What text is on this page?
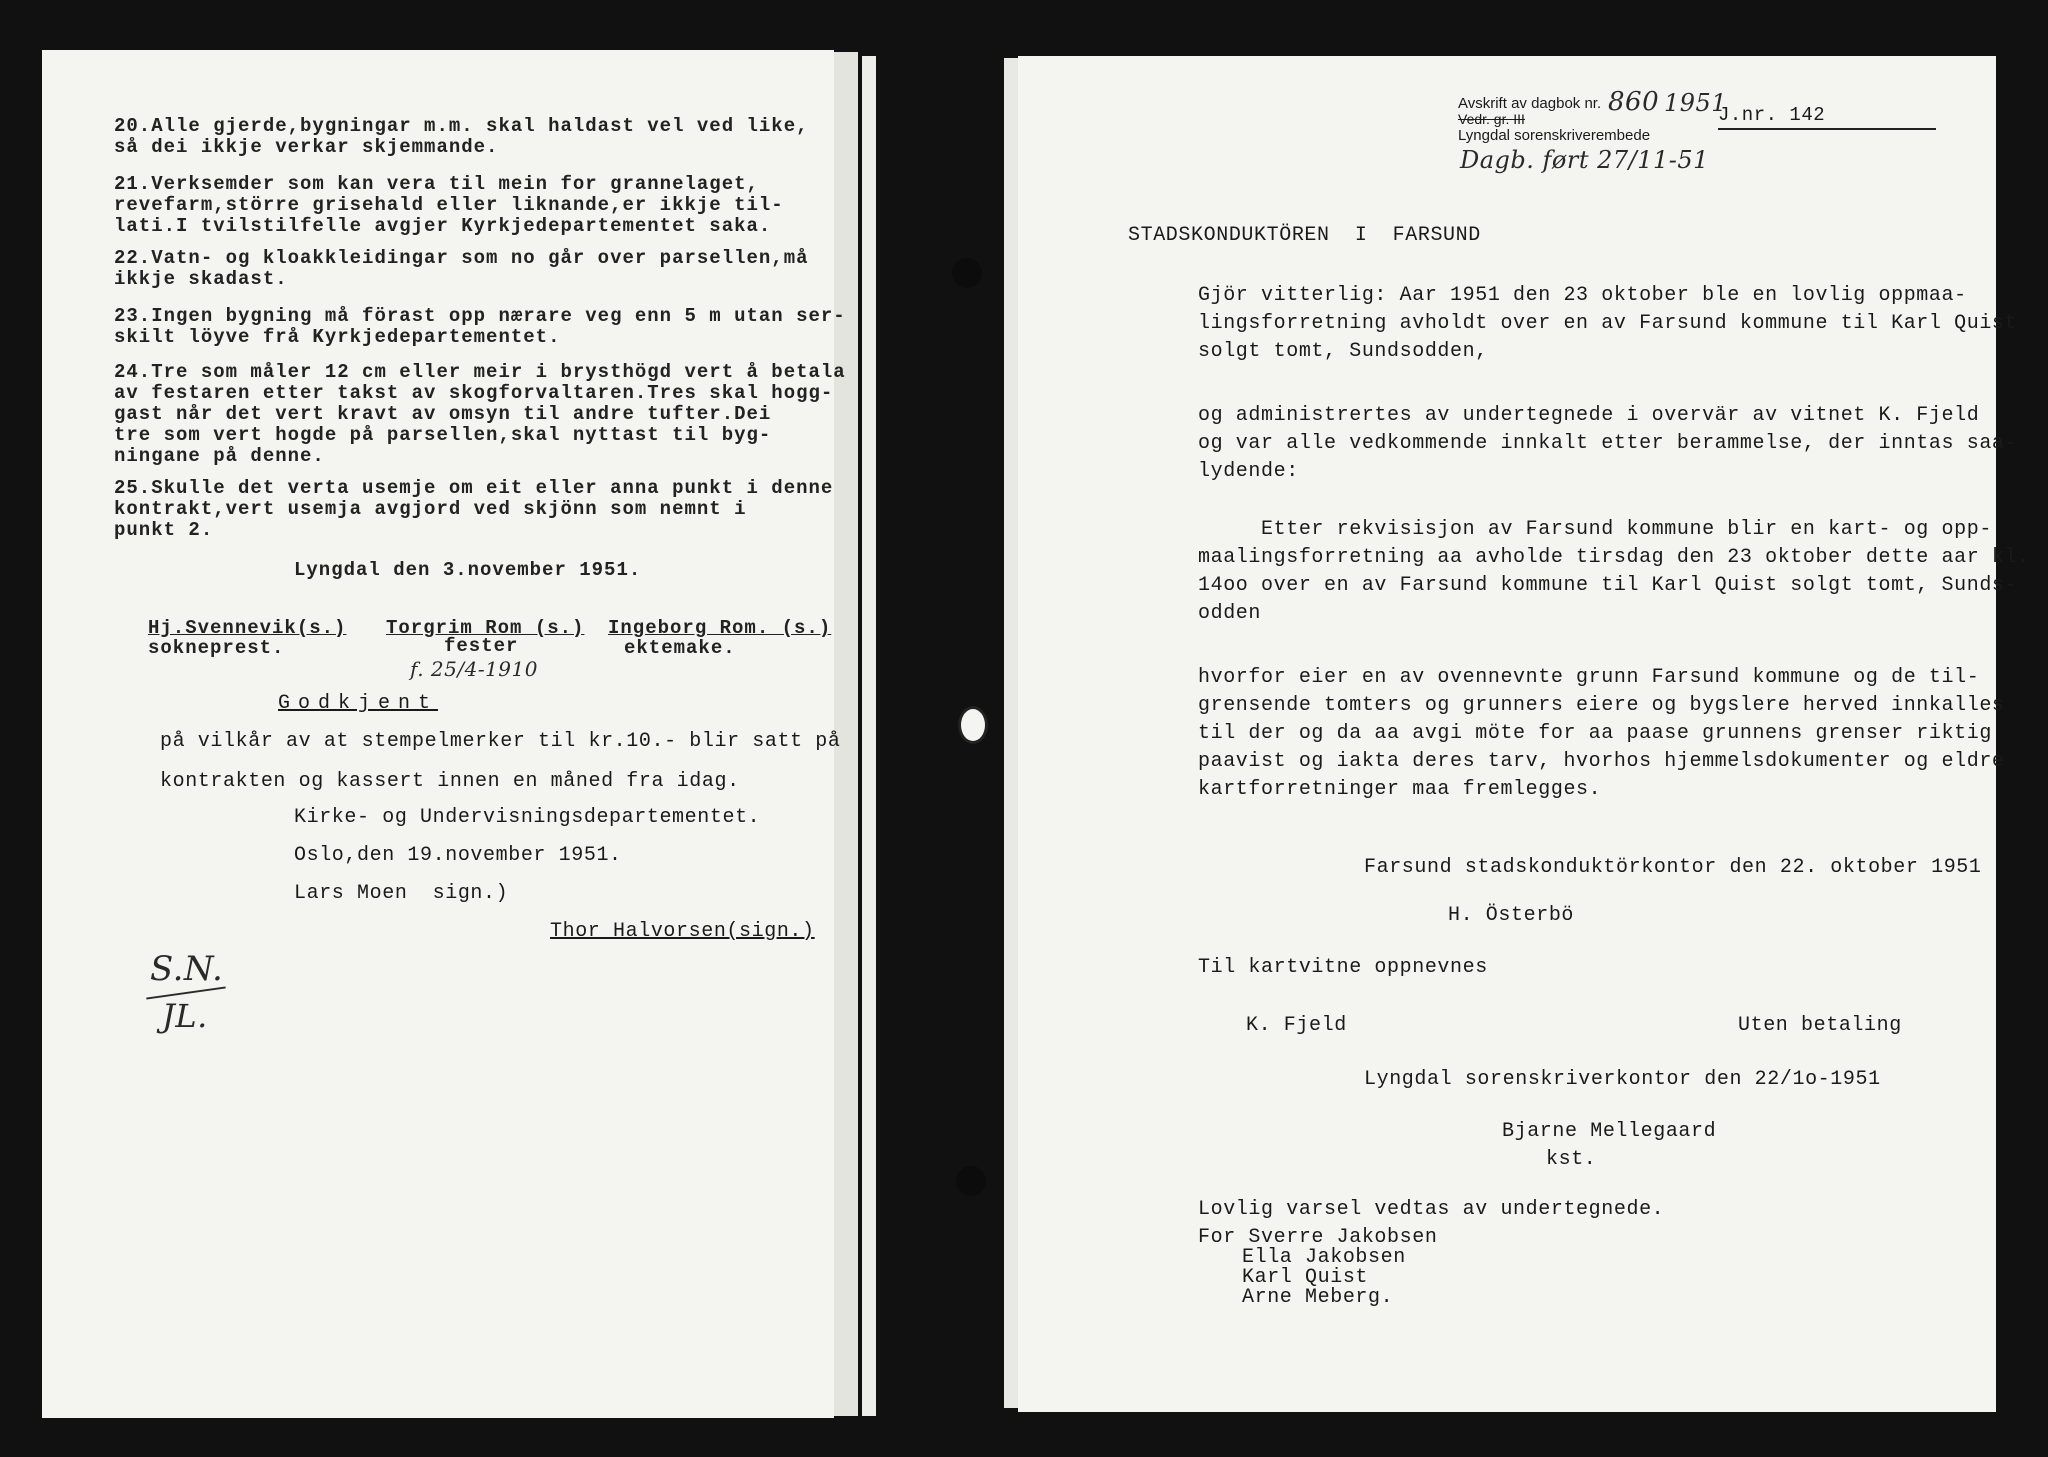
20.Alle gjerde,bygningar m.m. skal haldast vel ved like,
så dei ikkje verkar skjemmande.
21.Verksemder som kan vera til mein for grannelaget,
revefarm,större grisehald eller liknande,er ikkje til-
lati.I tvilstilfelle avgjer Kyrkjedepartementet saka.
22.Vatn- og kloakkleidingar som no går over parsellen,må
ikkje skadast.
23.Ingen bygning må förast opp nærare veg enn 5 m utan ser-
skilt löyve frå Kyrkjedepartementet.
24.Tre som måler 12 cm eller meir i brysthögd vert å betala
av festaren etter takst av skogforvaltaren.Tres skal hogg-
gast når det vert kravt av omsyn til andre tufter.Dei
tre som vert hogde på parsellen,skal nyttast til byg-
ningane på denne.
25.Skulle det verta usemje om eit eller anna punkt i denne
kontrakt,vert usemja avgjord ved skjönn som nemnt i
punkt 2.
Lyngdal den 3.november 1951.
Hj.Svennevik(s.) Torgrim Rom (s.) Ingeborg Rom. (s.)
sokneprest.	fester	ektemake.
f. 25/4-1910
Godkjent
på vilkår av at stempelmerker til kr.10.- blir satt på
kontrakten og kassert innen en måned fra idag.
Kirke- og Undervisningsdepartementet.
Oslo,den 19.november 1951.
Lars Moen  sign.)
Thor Halvorsen(sign.)
S.N.
JL.
Avskrift av dagbok nr.
Vedr. gr. III
Lyngdal sorenskriverembede
860 1951
Dagb. ført 27/11-51
J.nr. 142
STADSKONDUKTÖREN  I  FARSUND
Gjör vitterlig: Aar 1951 den 23 oktober ble en lovlig oppmaa-
lingsforretning avholdt over en av Farsund kommune til Karl Quist
solgt tomt, Sundsodden,
og administrertes av undertegnede i overvär av vitnet K. Fjeld
og var alle vedkommende innkalt etter berammelse, der inntas saa-
lydende:
Etter rekvisisjon av Farsund kommune blir en kart- og opp-
maalingsforretning aa avholde tirsdag den 23 oktober dette aar kl.
14oo over en av Farsund kommune til Karl Quist solgt tomt, Sunds-
odden
hvorfor eier en av ovennevnte grunn Farsund kommune og de til-
grensende tomters og grunners eiere og bygslere herved innkalles
til der og da aa avgi möte for aa paase grunnens grenser riktig
paavist og iakta deres tarv, hvorhos hjemmelsdokumenter og eldre
kartforretninger maa fremlegges.
Farsund stadskonduktörkontor den 22. oktober 1951
H. Österbö
Til kartvitne oppnevnes
K. Fjeld	Uten betaling
Lyngdal sorenskriverkontor den 22/1o-1951
Bjarne Mellegaard
kst.
Lovlig varsel vedtas av undertegnede.
For Sverre Jakobsen
Ella Jakobsen
Karl Quist
Arne Meberg.
